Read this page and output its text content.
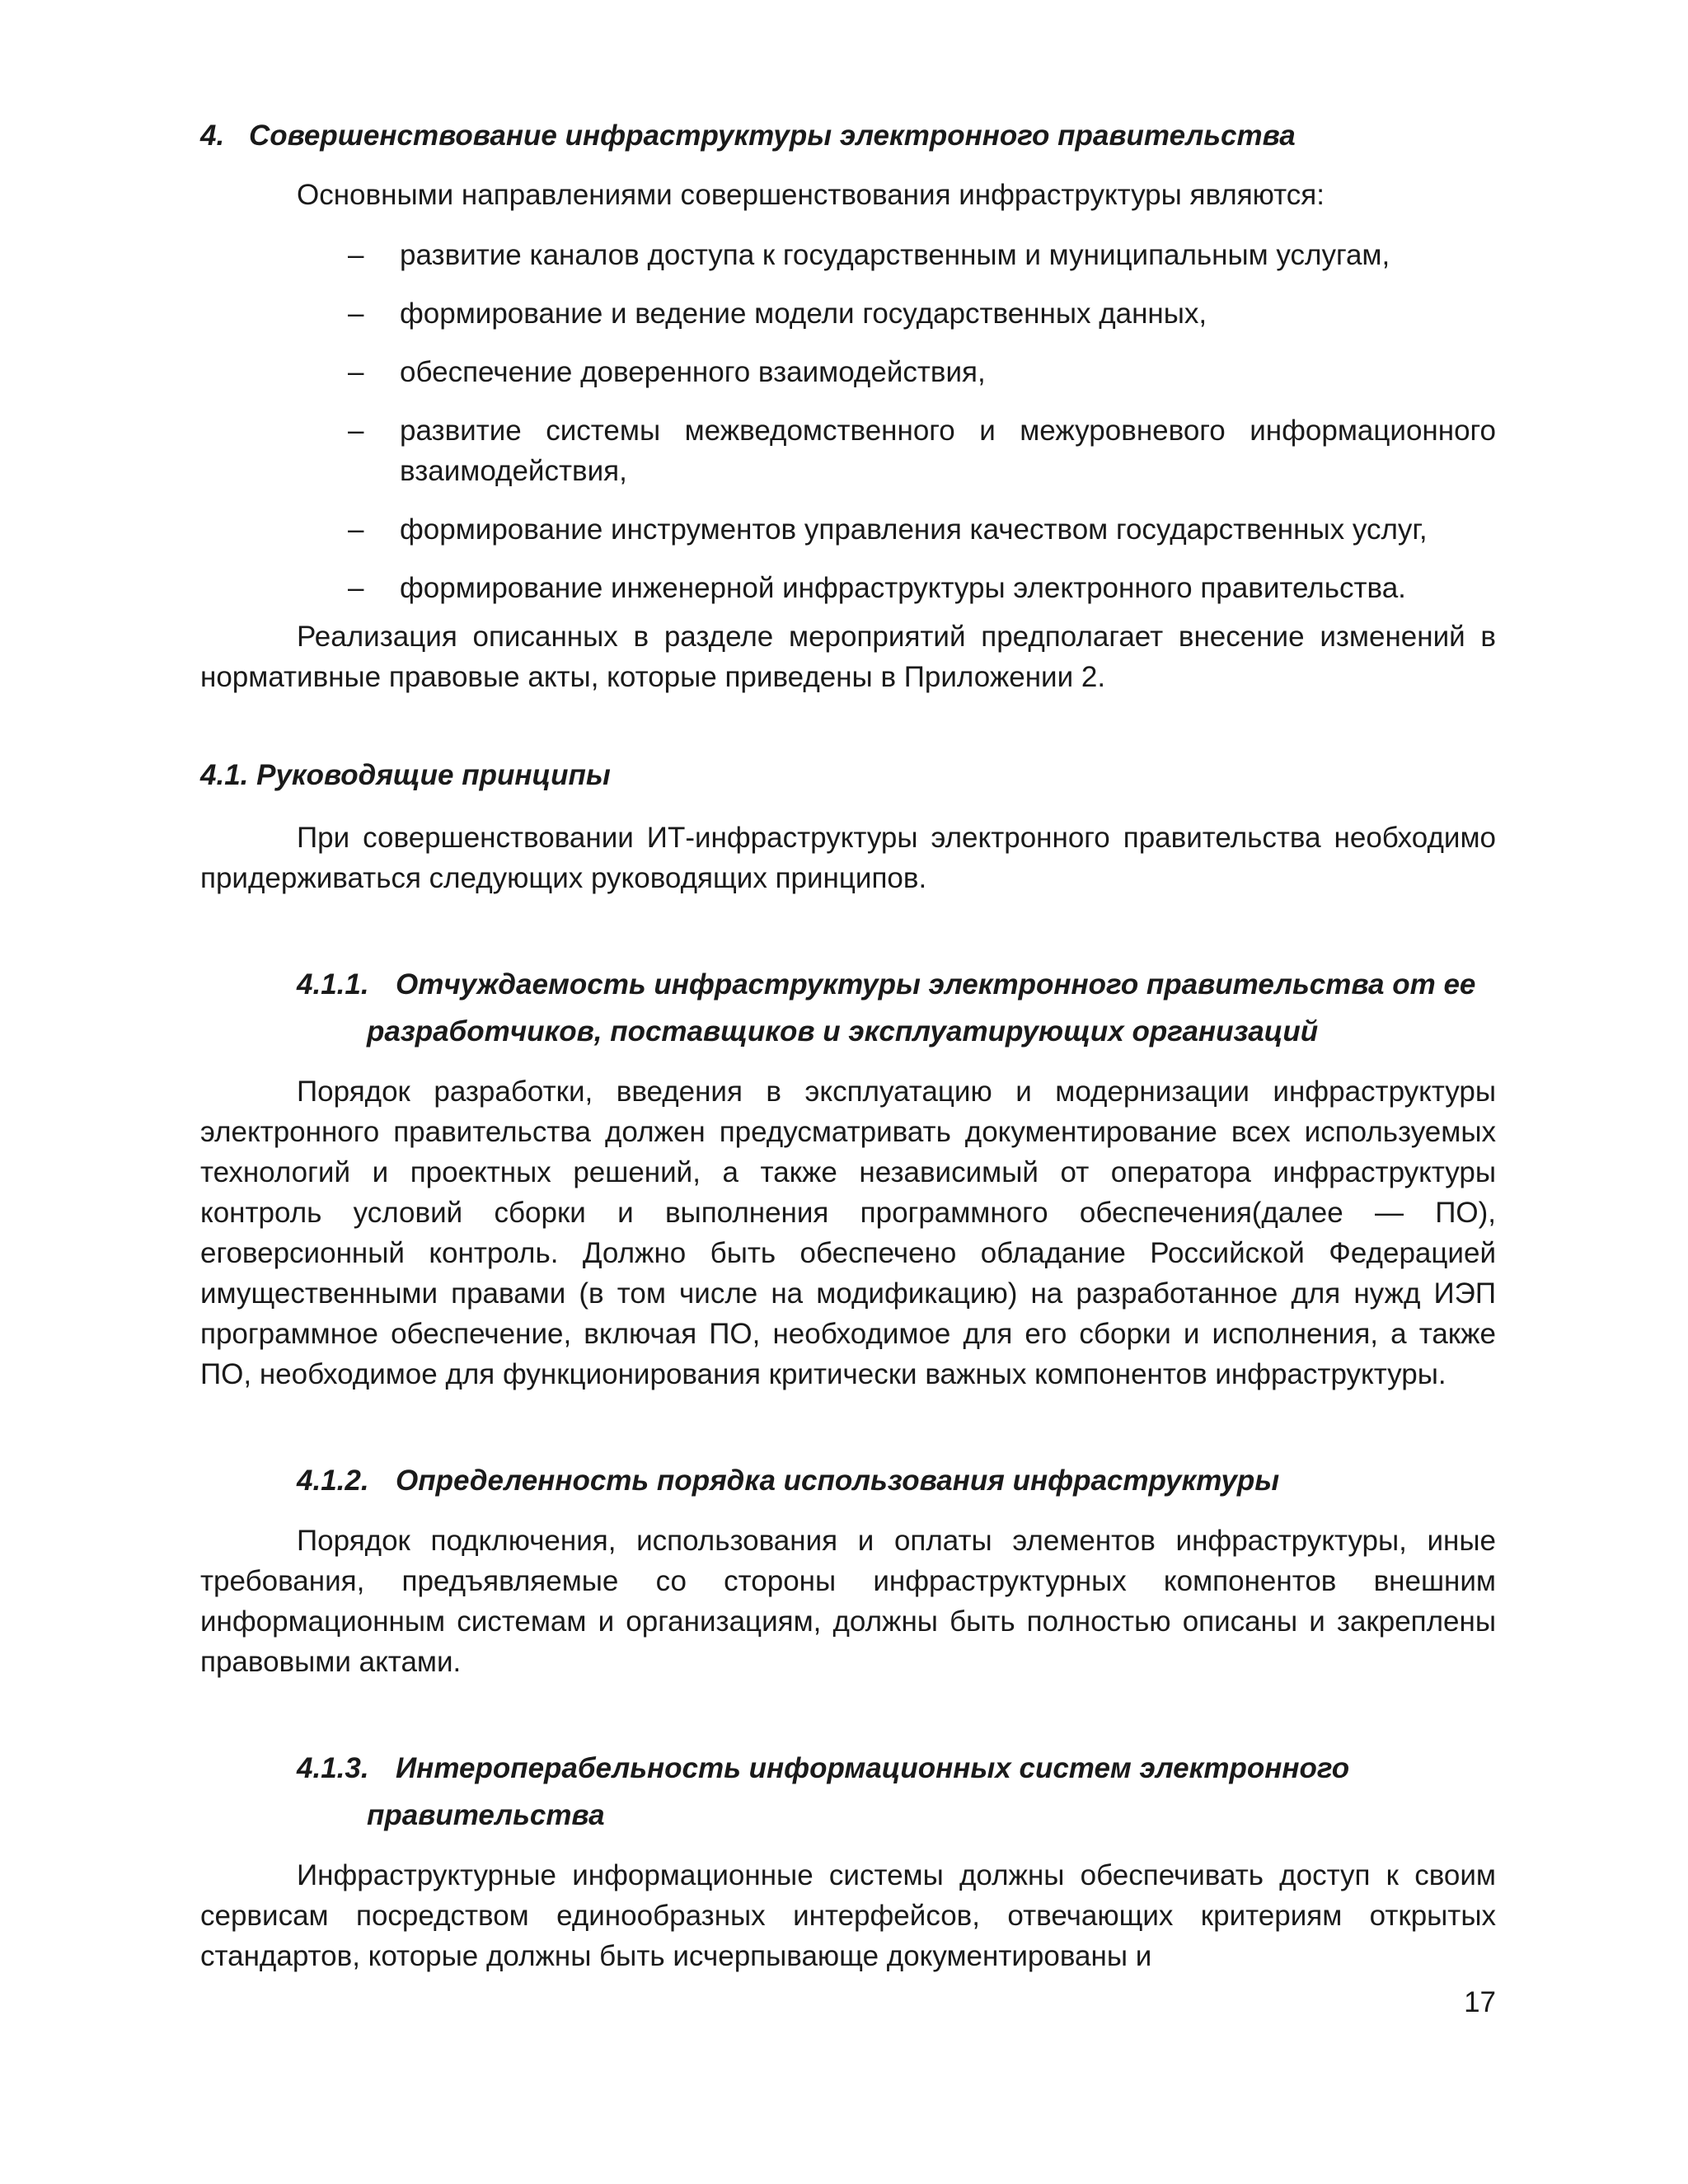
4. Совершенствование инфраструктуры электронного правительства

Основными направлениями совершенствования инфраструктуры являются:

– развитие каналов доступа к государственным и муниципальным услугам,
– формирование и ведение модели государственных данных,
– обеспечение доверенного взаимодействия,
– развитие системы межведомственного и межуровневого информационного взаимодействия,
– формирование инструментов управления качеством государственных услуг,
– формирование инженерной инфраструктуры электронного правительства.

Реализация описанных в разделе мероприятий предполагает внесение изменений в нормативные правовые акты, которые приведены в Приложении 2.

4.1. Руководящие принципы

При совершенствовании ИТ-инфраструктуры электронного правительства необходимо придерживаться следующих руководящих принципов.

4.1.1. Отчуждаемость инфраструктуры электронного правительства от ее
разработчиков, поставщиков и эксплуатирующих организаций

Порядок разработки, введения в эксплуатацию и модернизации инфраструктуры электронного правительства должен предусматривать документирование всех используемых технологий и проектных решений, а также независимый от оператора инфраструктуры контроль условий сборки и выполнения программного обеспечения(далее — ПО), еговерсионный контроль. Должно быть обеспечено обладание Российской Федерацией имущественными правами (в том числе на модификацию) на разработанное для нужд ИЭП программное обеспечение, включая ПО, необходимое для его сборки и исполнения, а также ПО, необходимое для функционирования критически важных компонентов инфраструктуры.

4.1.2. Определенность порядка использования инфраструктуры

Порядок подключения, использования и оплаты элементов инфраструктуры, иные требования, предъявляемые со стороны инфраструктурных компонентов внешним информационным системам и организациям, должны быть полностью описаны и закреплены правовыми актами.

4.1.3. Интероперабельность информационных систем электронного
правительства

Инфраструктурные информационные системы должны обеспечивать доступ к своим сервисам посредством единообразных интерфейсов, отвечающих критериям открытых стандартов, которые должны быть исчерпывающе документированы и

17
